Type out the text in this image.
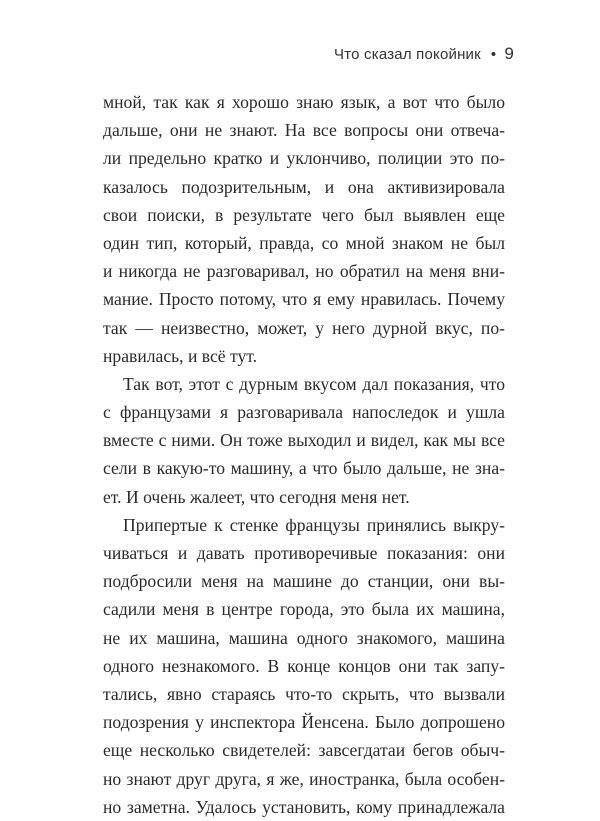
Что сказал покойник • 9
мной, так как я хорошо знаю язык, а вот что было
дальше, они не знают. На все вопросы они отвеча-
ли предельно кратко и уклончиво, полиции это по-
казалось подозрительным, и она активизировала
свои поиски, в результате чего был выявлен еще
один тип, который, правда, со мной знаком не был
и никогда не разговаривал, но обратил на меня вни-
мание. Просто потому, что я ему нравилась. Почему
так — неизвестно, может, у него дурной вкус, по-
нравилась, и всё тут.
Так вот, этот с дурным вкусом дал показания, что
с французами я разговаривала напоследок и ушла
вместе с ними. Он тоже выходил и видел, как мы все
сели в какую-то машину, а что было дальше, не зна-
ет. И очень жалеет, что сегодня меня нет.
Припертые к стенке французы принялись выкру-
чиваться и давать противоречивые показания: они
подбросили меня на машине до станции, они вы-
садили меня в центре города, это была их машина,
не их машина, машина одного знакомого, машина
одного незнакомого. В конце концов они так запу-
тались, явно стараясь что-то скрыть, что вызвали
подозрения у инспектора Йенсена. Было допрошено
еще несколько свидетелей: завсегдатаи бегов обыч-
но знают друг друга, я же, иностранка, была особен-
но заметна. Удалось установить, кому принадлежала
